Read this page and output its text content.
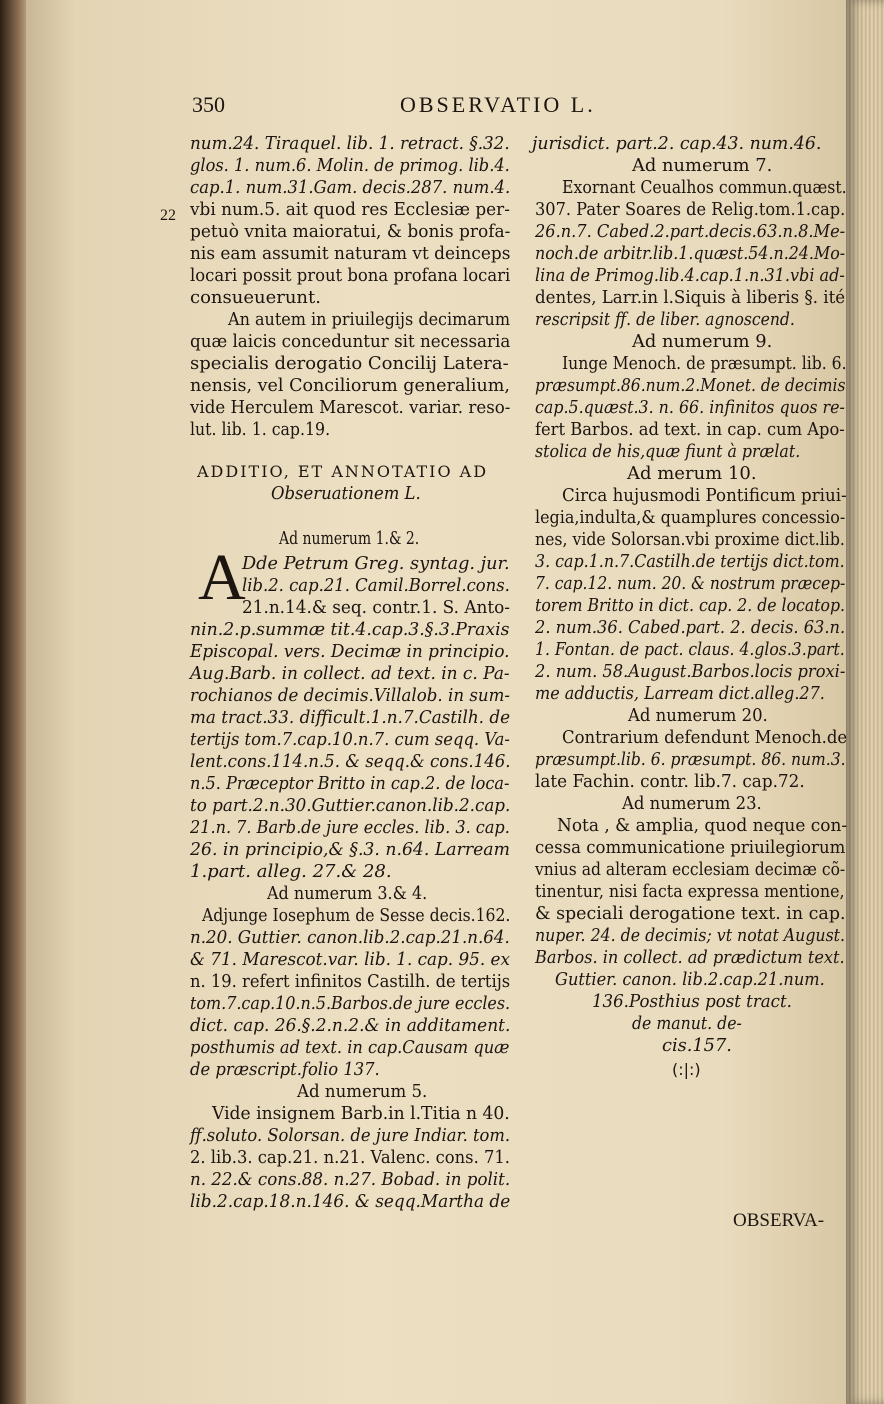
350	OBSERVATIO L.
22
A
num.24. Tiraquel. lib. 1. retract. §.32.
glos. 1. num.6. Molin. de primog. lib.4.
cap.1. num.31.Gam. decis.287. num.4.
vbi num.5. ait quod res Ecclesiæ per-
petuò vnita maioratui, & bonis profa-
nis eam assumit naturam vt deinceps
locari possit prout bona profana locari
consueuerunt.
An autem in priuilegijs decimarum
quæ laicis conceduntur sit necessaria
specialis derogatio Concilij Latera-
nensis, vel Conciliorum generalium,
vide Herculem Marescot. variar. reso-
lut. lib. 1. cap.19.
ADDITIO, ET ANNOTATIO AD
Obseruationem L.
Ad numerum 1.& 2.
Dde Petrum Greg. syntag. jur.
lib.2. cap.21. Camil.Borrel.cons.
21.n.14.& seq. contr.1. S. Anto-
nin.2.p.summæ tit.4.cap.3.§.3.Praxis
Episcopal. vers. Decimæ in principio.
Aug.Barb. in collect. ad text. in c. Pa-
rochianos de decimis.Villalob. in sum-
ma tract.33. difficult.1.n.7.Castilh. de
tertijs tom.7.cap.10.n.7. cum seqq. Va-
lent.cons.114.n.5. & seqq.& cons.146.
n.5. Præceptor Britto in cap.2. de loca-
to part.2.n.30.Guttier.canon.lib.2.cap.
21.n. 7. Barb.de jure eccles. lib. 3. cap.
26. in principio,& §.3. n.64. Larream
1.part. alleg. 27.& 28.
Ad numerum 3.& 4.
Adjunge Iosephum de Sesse decis.162.
n.20. Guttier. canon.lib.2.cap.21.n.64.
& 71. Marescot.var. lib. 1. cap. 95. ex
n. 19. refert infinitos Castilh. de tertijs
tom.7.cap.10.n.5.Barbos.de jure eccles.
dict. cap. 26.§.2.n.2.& in additament.
posthumis ad text. in cap.Causam quæ
de præscript.folio 137.
Ad numerum 5.
Vide insignem Barb.in l.Titia n 40.
ff.soluto. Solorsan. de jure Indiar. tom.
2. lib.3. cap.21. n.21. Valenc. cons. 71.
n. 22.& cons.88. n.27. Bobad. in polit.
lib.2.cap.18.n.146. & seqq.Martha de
jurisdict. part.2. cap.43. num.46.
Ad numerum 7.
Exornant Ceualhos commun.quæst.
307. Pater Soares de Relig.tom.1.cap.
26.n.7. Cabed.2.part.decis.63.n.8.Me-
noch.de arbitr.lib.1.quæst.54.n.24.Mo-
lina de Primog.lib.4.cap.1.n.31.vbi ad-
dentes, Larr.in l.Siquis à liberis §. ité
rescripsit ff. de liber. agnoscend.
Ad numerum 9.
Iunge Menoch. de præsumpt. lib. 6.
præsumpt.86.num.2.Monet. de decimis
cap.5.quæst.3. n. 66. infinitos quos re-
fert Barbos. ad text. in cap. cum Apo-
stolica de his,quæ fiunt à prælat.
Ad merum 10.
Circa hujusmodi Pontificum priui-
legia,indulta,& quamplures concessio-
nes, vide Solorsan.vbi proxime dict.lib.
3. cap.1.n.7.Castilh.de tertijs dict.tom.
7. cap.12. num. 20. & nostrum præcep-
torem Britto in dict. cap. 2. de locatop.
2. num.36. Cabed.part. 2. decis. 63.n.
1. Fontan. de pact. claus. 4.glos.3.part.
2. num. 58.August.Barbos.locis proxi-
me adductis, Larream dict.alleg.27.
Ad numerum 20.
Contrarium defendunt Menoch.de
præsumpt.lib. 6. præsumpt. 86. num.3.
late Fachin. contr. lib.7. cap.72.
Ad numerum 23.
Nota , & amplia, quod neque con-
cessa communicatione priuilegiorum
vnius ad alteram ecclesiam decimæ cõ-
tinentur, nisi facta expressa mentione,
& speciali derogatione text. in cap.
nuper. 24. de decimis; vt notat August.
Barbos. in collect. ad prædictum text.
Guttier. canon. lib.2.cap.21.num.
136.Posthius post tract.
de manut. de-
cis.157.
(:|:)
OBSERVA-
